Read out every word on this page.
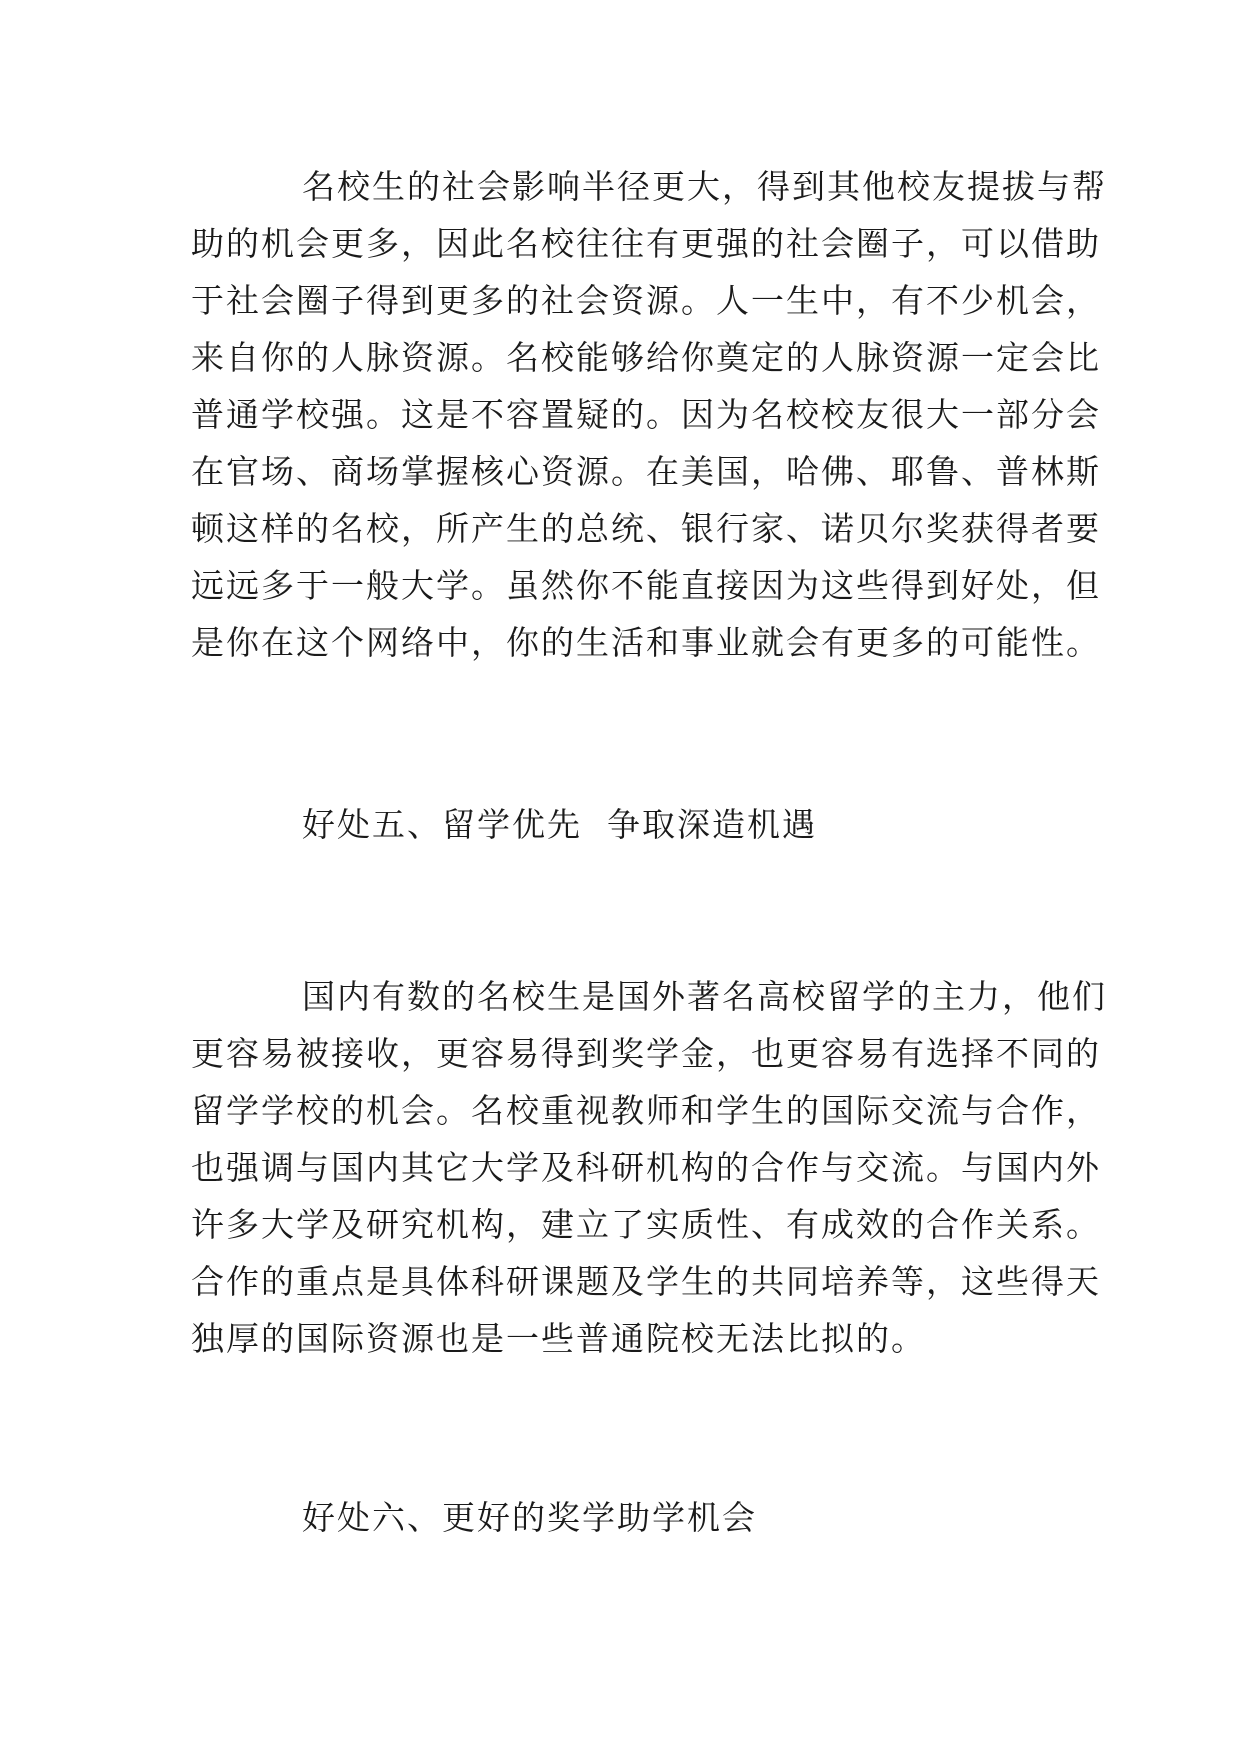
名校生的社会影响半径更大，得到其他校友提拔与帮
助的机会更多，因此名校往往有更强的社会圈子，可以借助
于社会圈子得到更多的社会资源。人一生中，有不少机会，
来自你的人脉资源。名校能够给你奠定的人脉资源一定会比
普通学校强。这是不容置疑的。因为名校校友很大一部分会
在官场、商场掌握核心资源。在美国，哈佛、耶鲁、普林斯
顿这样的名校，所产生的总统、银行家、诺贝尔奖获得者要
远远多于一般大学。虽然你不能直接因为这些得到好处，但
是你在这个网络中，你的生活和事业就会有更多的可能性。

好处五、留学优先  争取深造机遇

国内有数的名校生是国外著名高校留学的主力，他们
更容易被接收，更容易得到奖学金，也更容易有选择不同的
留学学校的机会。名校重视教师和学生的国际交流与合作，
也强调与国内其它大学及科研机构的合作与交流。与国内外
许多大学及研究机构，建立了实质性、有成效的合作关系。
合作的重点是具体科研课题及学生的共同培养等，这些得天
独厚的国际资源也是一些普通院校无法比拟的。

好处六、更好的奖学助学机会
